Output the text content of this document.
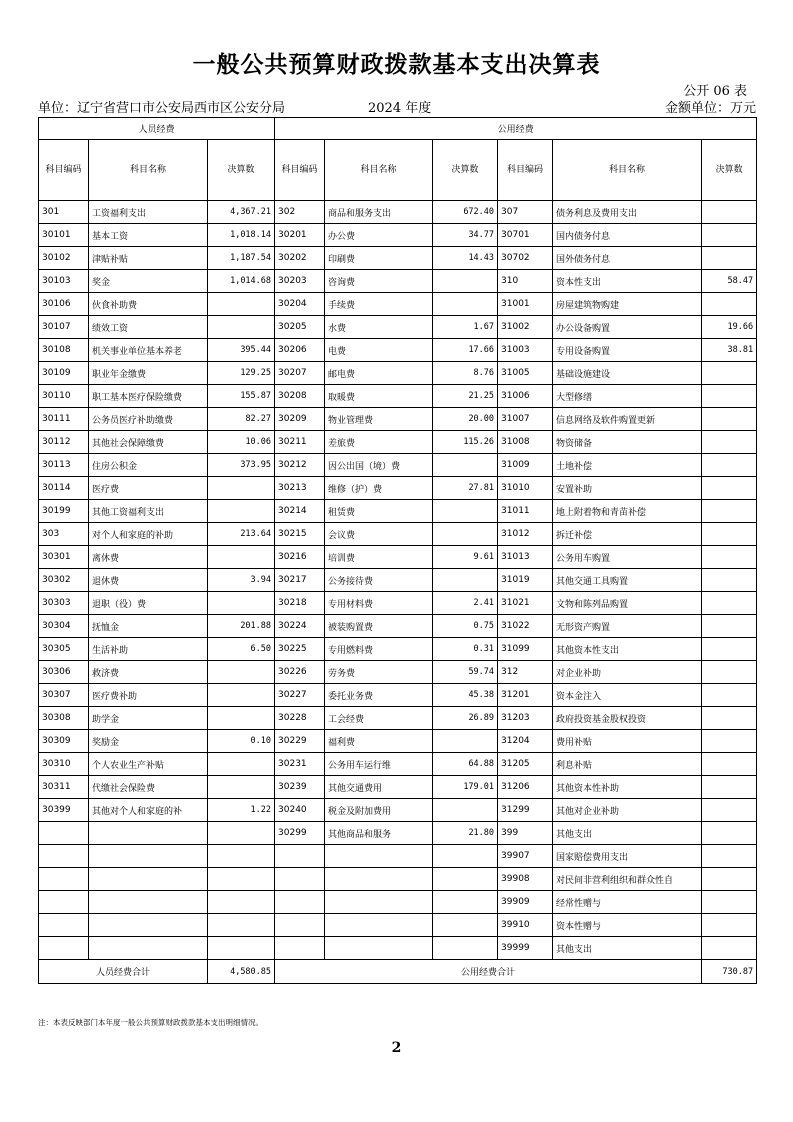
一般公共预算财政拨款基本支出决算表
公开 06 表
单位：辽宁省营口市公安局西市区公安分局	2024 年度	金额单位：万元
人员经费			公用经费					
科目编码	科目名称	决算数	科目编码	科目名称	决算数	科目编码	科目名称	决算数
301	工资福利支出	4,367.21	302	商品和服务支出	672.40	307	债务利息及费用支出	
30101	基本工资	1,018.14	30201	办公费	34.77	30701	国内债务付息	
30102	津贴补贴	1,187.54	30202	印刷费	14.43	30702	国外债务付息	
30103	奖金	1,014.68	30203	咨询费		310	资本性支出	58.47
30106	伙食补助费		30204	手续费		31001	房屋建筑物购建	
30107	绩效工资		30205	水费	1.67	31002	办公设备购置	19.66
30108	机关事业单位基本养老	395.44	30206	电费	17.66	31003	专用设备购置	38.81
30109	职业年金缴费	129.25	30207	邮电费	8.76	31005	基础设施建设	
30110	职工基本医疗保险缴费	155.87	30208	取暖费	21.25	31006	大型修缮	
30111	公务员医疗补助缴费	82.27	30209	物业管理费	20.00	31007	信息网络及软件购置更新	
30112	其他社会保障缴费	10.06	30211	差旅费	115.26	31008	物资储备	
30113	住房公积金	373.95	30212	因公出国（境）费		31009	土地补偿	
30114	医疗费		30213	维修（护）费	27.81	31010	安置补助	
30199	其他工资福利支出		30214	租赁费		31011	地上附着物和青苗补偿	
303	对个人和家庭的补助	213.64	30215	会议费		31012	拆迁补偿	
30301	离休费		30216	培训费	9.61	31013	公务用车购置	
30302	退休费	3.94	30217	公务接待费		31019	其他交通工具购置	
30303	退职（役）费		30218	专用材料费	2.41	31021	文物和陈列品购置	
30304	抚恤金	201.88	30224	被装购置费	0.75	31022	无形资产购置	
30305	生活补助	6.50	30225	专用燃料费	0.31	31099	其他资本性支出	
30306	救济费		30226	劳务费	59.74	312	对企业补助	
30307	医疗费补助		30227	委托业务费	45.38	31201	资本金注入	
30308	助学金		30228	工会经费	26.89	31203	政府投资基金股权投资	
30309	奖励金	0.10	30229	福利费		31204	费用补贴	
30310	个人农业生产补贴		30231	公务用车运行维	64.88	31205	利息补贴	
30311	代缴社会保险费		30239	其他交通费用	179.01	31206	其他资本性补助	
30399	其他对个人和家庭的补	1.22	30240	税金及附加费用		31299	其他对企业补助	
			30299	其他商品和服务	21.80	399	其他支出	
						39907	国家赔偿费用支出	
						39908	对民间非营利组织和群众性自	
						39909	经常性赠与	
						39910	资本性赠与	
						39999	其他支出	
人员经费合计		4,580.85	公用经费合计					730.87
注：本表反映部门本年度一般公共预算财政拨款基本支出明细情况。
2
